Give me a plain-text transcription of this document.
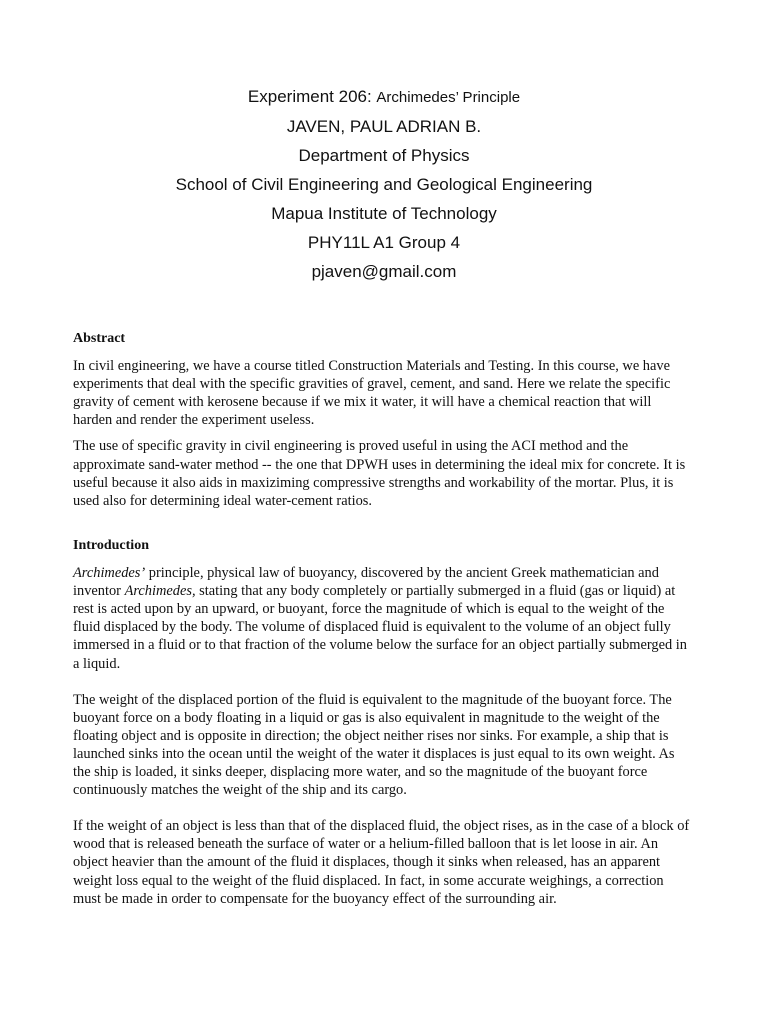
Experiment 206: Archimedes’ Principle
JAVEN, PAUL ADRIAN B.
Department of Physics
School of Civil Engineering and Geological Engineering
Mapua Institute of Technology
PHY11L A1 Group 4
pjaven@gmail.com
Abstract

In civil engineering, we have a course titled Construction Materials and Testing. In this course, we have experiments that deal with the specific gravities of gravel, cement, and sand. Here we relate the specific gravity of cement with kerosene because if we mix it water, it will have a chemical reaction that will harden and render the experiment useless.

The use of specific gravity in civil engineering is proved useful in using the ACI method and the approximate sand-water method -- the one that DPWH uses in determining the ideal mix for concrete. It is useful because it also aids in maxiziming compressive strengths and workability of the mortar. Plus, it is used also for determining ideal water-cement ratios.

Introduction

Archimedes’ principle, physical law of buoyancy, discovered by the ancient Greek mathematician and inventor Archimedes, stating that any body completely or partially submerged in a fluid (gas or liquid) at rest is acted upon by an upward, or buoyant, force the magnitude of which is equal to the weight of the fluid displaced by the body. The volume of displaced fluid is equivalent to the volume of an object fully immersed in a fluid or to that fraction of the volume below the surface for an object partially submerged in a liquid.

The weight of the displaced portion of the fluid is equivalent to the magnitude of the buoyant force. The buoyant force on a body floating in a liquid or gas is also equivalent in magnitude to the weight of the floating object and is opposite in direction; the object neither rises nor sinks. For example, a ship that is launched sinks into the ocean until the weight of the water it displaces is just equal to its own weight. As the ship is loaded, it sinks deeper, displacing more water, and so the magnitude of the buoyant force continuously matches the weight of the ship and its cargo.

If the weight of an object is less than that of the displaced fluid, the object rises, as in the case of a block of wood that is released beneath the surface of water or a helium-filled balloon that is let loose in air. An object heavier than the amount of the fluid it displaces, though it sinks when released, has an apparent weight loss equal to the weight of the fluid displaced. In fact, in some accurate weighings, a correction must be made in order to compensate for the buoyancy effect of the surrounding air.
